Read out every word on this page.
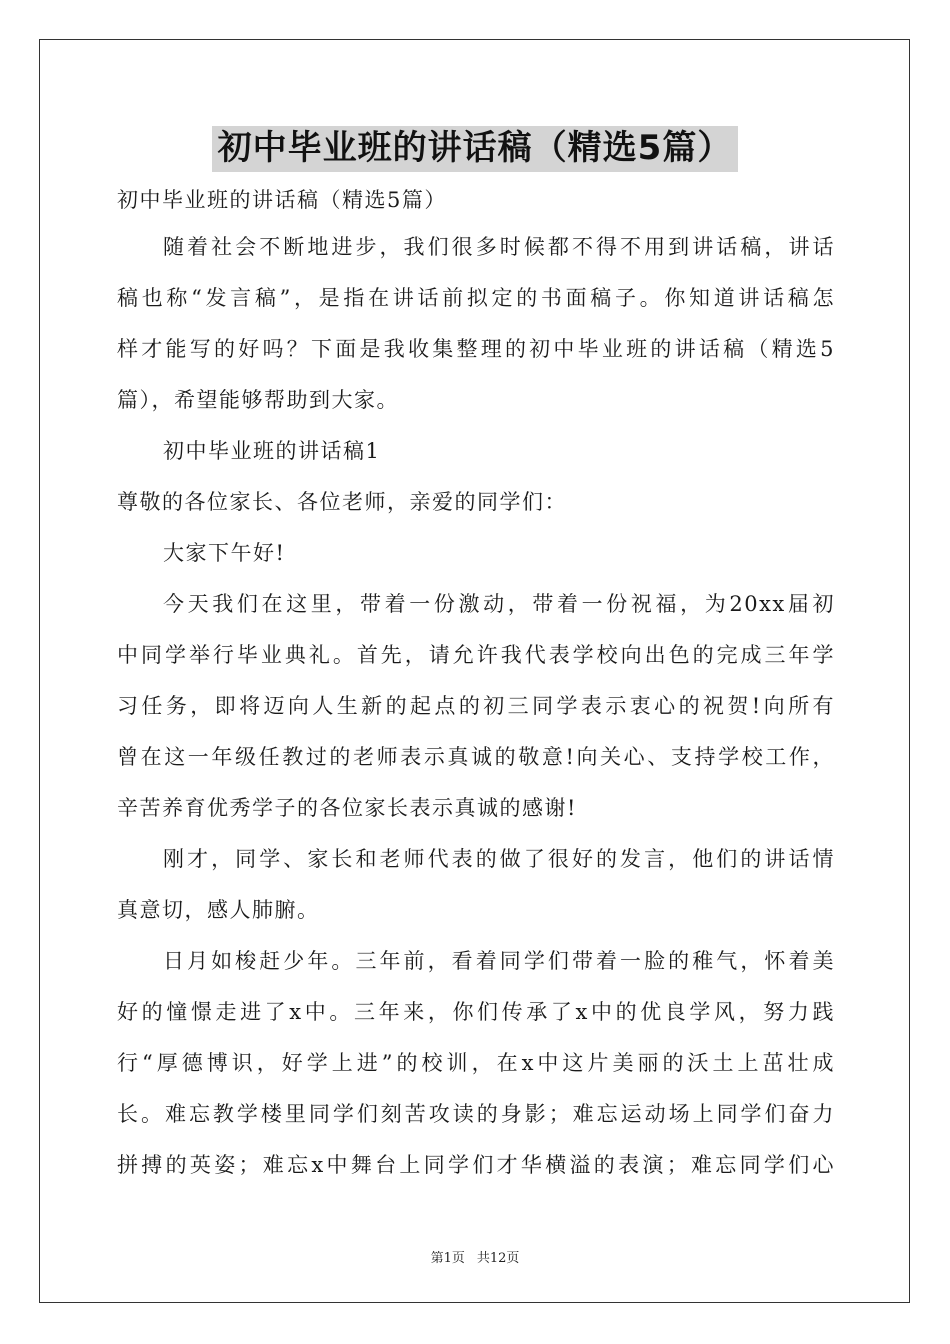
初中毕业班的讲话稿（精选5篇）
初中毕业班的讲话稿（精选5篇）
随着社会不断地进步，我们很多时候都不得不用到讲话稿，讲话
稿也称“发言稿”，是指在讲话前拟定的书面稿子。你知道讲话稿怎
样才能写的好吗？下面是我收集整理的初中毕业班的讲话稿（精选5
篇），希望能够帮助到大家。
初中毕业班的讲话稿1
尊敬的各位家长、各位老师，亲爱的同学们：
大家下午好!
今天我们在这里，带着一份激动，带着一份祝福，为20xx届初
中同学举行毕业典礼。首先，请允许我代表学校向出色的完成三年学
习任务，即将迈向人生新的起点的初三同学表示衷心的祝贺!向所有
曾在这一年级任教过的老师表示真诚的敬意!向关心、支持学校工作，
辛苦养育优秀学子的各位家长表示真诚的感谢!
刚才，同学、家长和老师代表的做了很好的发言，他们的讲话情
真意切，感人肺腑。
日月如梭赶少年。三年前，看着同学们带着一脸的稚气，怀着美
好的憧憬走进了x中。三年来，你们传承了x中的优良学风，努力践
行“厚德博识，好学上进”的校训，在x中这片美丽的沃土上茁壮成
长。难忘教学楼里同学们刻苦攻读的身影；难忘运动场上同学们奋力
拼搏的英姿；难忘x中舞台上同学们才华横溢的表演；难忘同学们心
第1页 共12页
